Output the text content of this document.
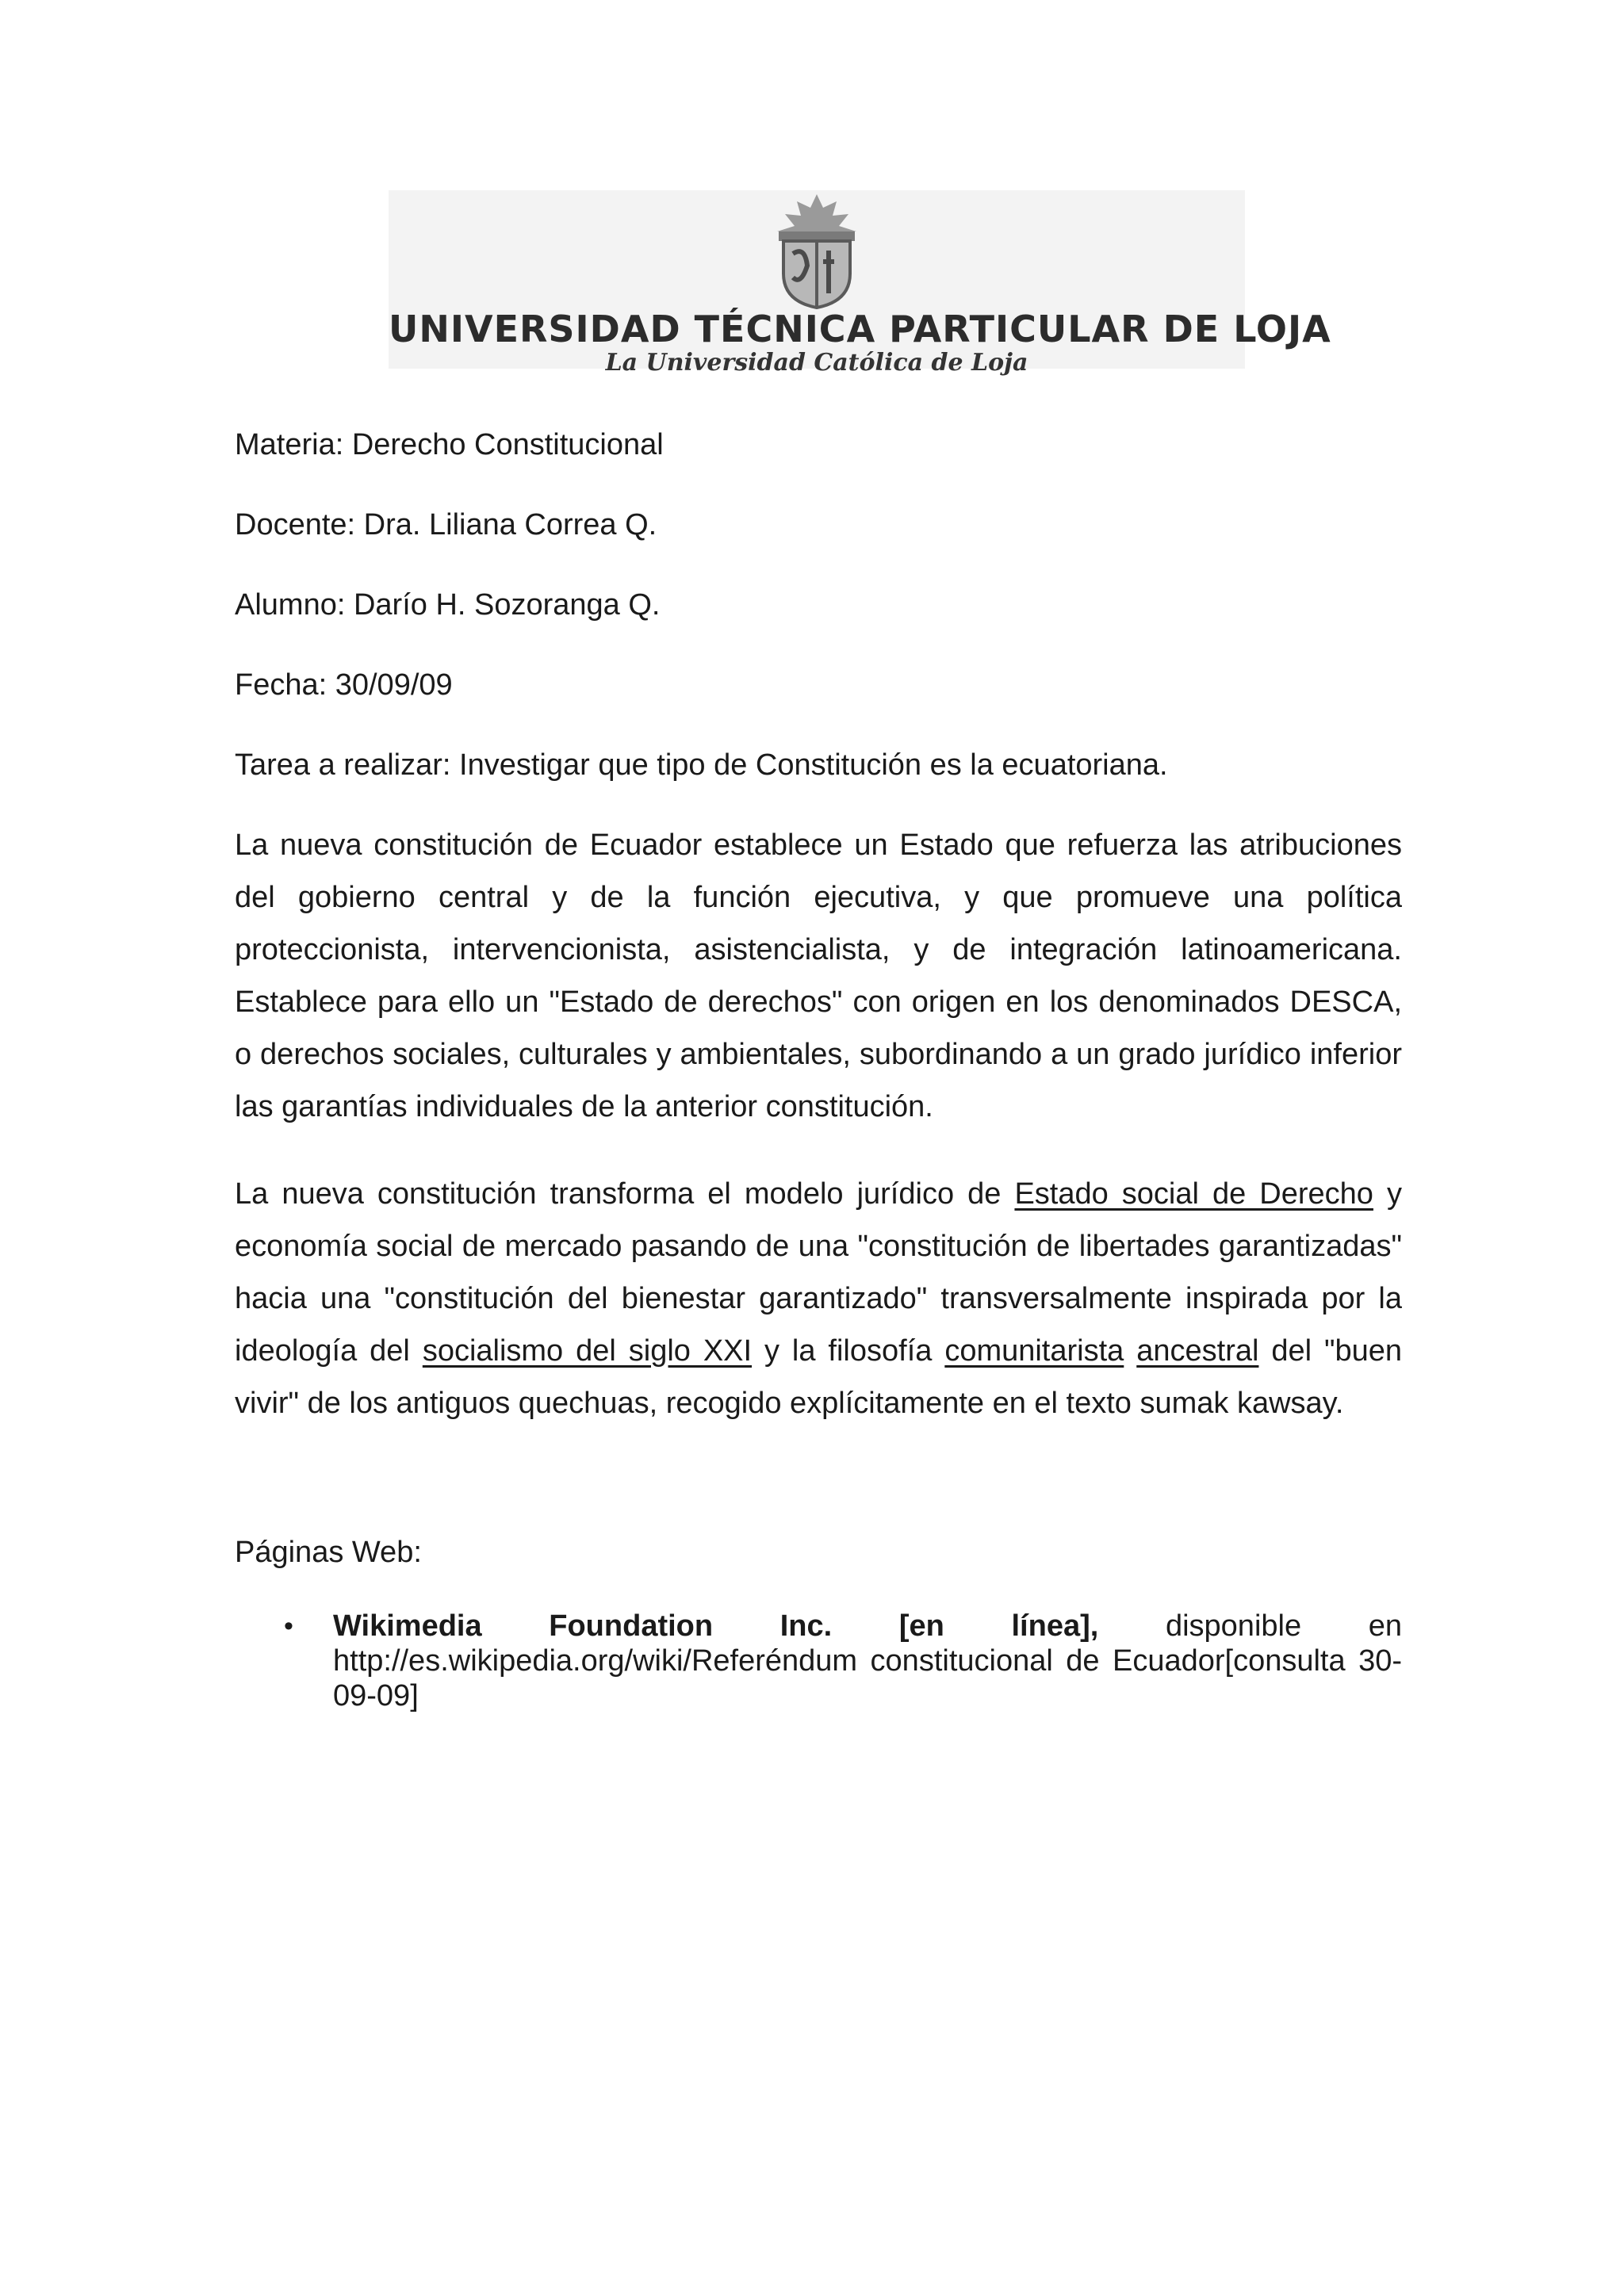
UNIVERSIDAD TÉCNICA PARTICULAR DE LOJA
La Universidad Católica de Loja

Materia: Derecho Constitucional

Docente: Dra. Liliana Correa Q.

Alumno: Darío H. Sozoranga Q.

Fecha: 30/09/09

Tarea a realizar: Investigar que tipo de Constitución es la ecuatoriana.

La nueva constitución de Ecuador establece un Estado que refuerza las atribuciones del gobierno central y de la función ejecutiva, y que promueve una política proteccionista, intervencionista, asistencialista, y de integración latinoamericana. Establece para ello un "Estado de derechos" con origen en los denominados DESCA, o derechos sociales, culturales y ambientales, subordinando a un grado jurídico inferior las garantías individuales de la anterior constitución.

La nueva constitución transforma el modelo jurídico de Estado social de Derecho y economía social de mercado pasando de una "constitución de libertades garantizadas" hacia una "constitución del bienestar garantizado" transversalmente inspirada por la ideología del socialismo del siglo XXI y la filosofía comunitarista ancestral del "buen vivir" de los antiguos quechuas, recogido explícitamente en el texto sumak kawsay.

Páginas Web:

• Wikimedia Foundation Inc. [en línea], disponible en http://es.wikipedia.org/wiki/Referéndum constitucional de Ecuador[consulta 30-09-09]
